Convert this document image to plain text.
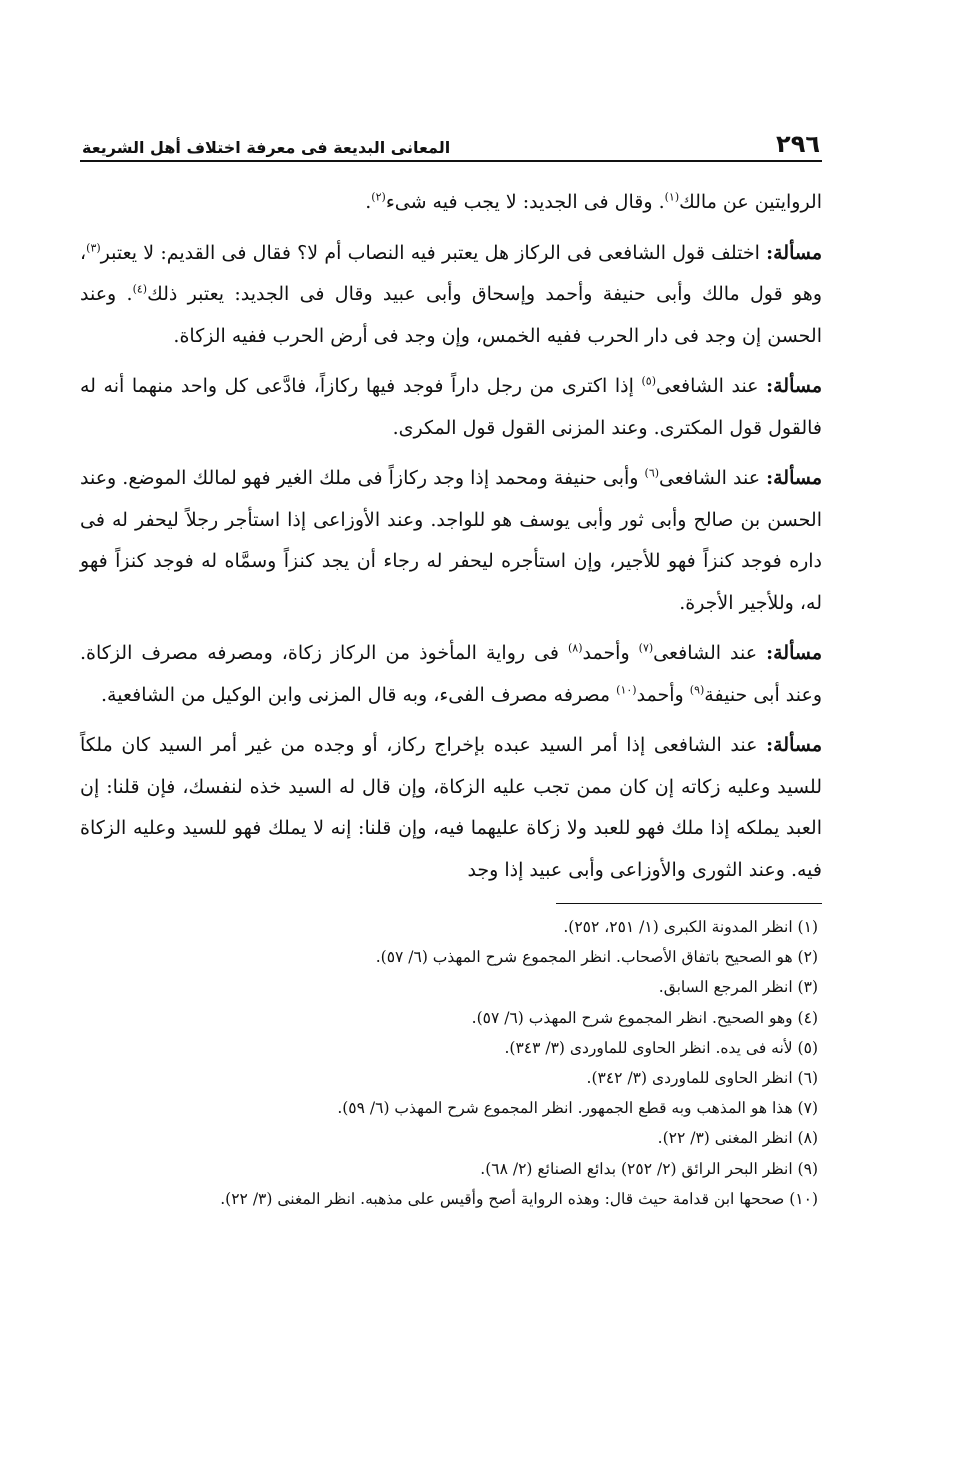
٢٩٦
المعانى البديعة فى معرفة اختلاف أهل الشريعة

الروايتين عن مالك$^{(١)}$. وقال فى الجديد: لا يجب فيه شىء$^{(٢)}$.

مسألة: اختلف قول الشافعى فى الركاز هل يعتبر فيه النصاب أم لا؟ فقال فى القديم: لا يعتبر$^{(٣)}$، وهو قول مالك وأبى حنيفة وأحمد وإسحاق وأبى عبيد وقال فى الجديد: يعتبر ذلك$^{(٤)}$. وعند الحسن إن وجد فى دار الحرب ففيه الخمس، وإن وجد فى أرض الحرب ففيه الزكاة.

مسألة: عند الشافعى$^{(٥)}$ إذا اكترى من رجل داراً فوجد فيها ركازاً، فادَّعى كل واحد منهما أنه له فالقول قول المكترى. وعند المزنى القول قول المكرى.

مسألة: عند الشافعى$^{(٦)}$ وأبى حنيفة ومحمد إذا وجد ركازاً فى ملك الغير فهو لمالك الموضع. وعند الحسن بن صالح وأبى ثور وأبى يوسف هو للواجد. وعند الأوزاعى إذا استأجر رجلاً ليحفر له فى داره فوجد كنزاً فهو للأجير، وإن استأجره ليحفر له رجاء أن يجد كنزاً وسمَّاه له فوجد كنزاً فهو له، وللأجير الأجرة.

مسألة: عند الشافعى$^{(٧)}$ وأحمد$^{(٨)}$ فى رواية المأخوذ من الركاز زكاة، ومصرفه مصرف الزكاة. وعند أبى حنيفة$^{(٩)}$ وأحمد$^{(١٠)}$ مصرفه مصرف الفىء، وبه قال المزنى وابن الوكيل من الشافعية.

مسألة: عند الشافعى إذا أمر السيد عبده بإخراج ركاز، أو وجده من غير أمر السيد كان ملكاً للسيد وعليه زكاته إن كان ممن تجب عليه الزكاة، وإن قال له السيد خذه لنفسك، فإن قلنا: إن العبد يملكه إذا ملك فهو للعبد ولا زكاة عليهما فيه، وإن قلنا: إنه لا يملك فهو للسيد وعليه الزكاة فيه. وعند الثورى والأوزاعى وأبى عبيد إذا وجد

(١) انظر المدونة الكبرى (١/ ٢٥١، ٢٥٢).
(٢) هو الصحيح باتفاق الأصحاب. انظر المجموع شرح المهذب (٦/ ٥٧).
(٣) انظر المرجع السابق.
(٤) وهو الصحيح. انظر المجموع شرح المهذب (٦/ ٥٧).
(٥) لأنه فى يده. انظر الحاوى للماوردى (٣/ ٣٤٣).
(٦) انظر الحاوى للماوردى (٣/ ٣٤٢).
(٧) هذا هو المذهب وبه قطع الجمهور. انظر المجموع شرح المهذب (٦/ ٥٩).
(٨) انظر المغنى (٣/ ٢٢).
(٩) انظر البحر الرائق (٢/ ٢٥٢) بدائع الصنائع (٢/ ٦٨).
(١٠) صححها ابن قدامة حيث قال: وهذه الرواية أصح وأقيس على مذهبه. انظر المغنى (٣/ ٢٢).
